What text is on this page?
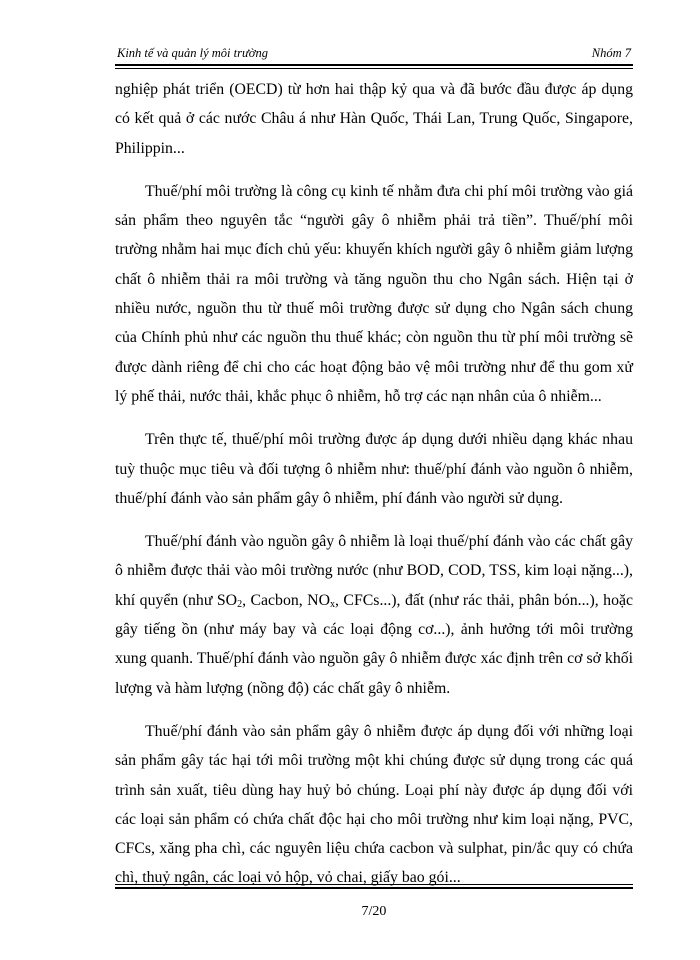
Kinh tế và quản lý môi trường	Nhóm 7

nghiệp phát triển (OECD) từ hơn hai thập kỷ qua và đã bước đầu được áp dụng có kết quả ở các nước Châu á như Hàn Quốc, Thái Lan, Trung Quốc, Singapore, Philippin...

Thuế/phí môi trường là công cụ kinh tế nhằm đưa chi phí môi trường vào giá sản phẩm theo nguyên tắc “người gây ô nhiễm phải trả tiền”. Thuế/phí môi trường nhằm hai mục đích chủ yếu: khuyến khích người gây ô nhiễm giảm lượng chất ô nhiễm thải ra môi trường và tăng nguồn thu cho Ngân sách. Hiện tại ở nhiều nước, nguồn thu từ thuế môi trường được sử dụng cho Ngân sách chung của Chính phủ như các nguồn thu thuế khác; còn nguồn thu từ phí môi trường sẽ được dành riêng để chi cho các hoạt động bảo vệ môi trường như để thu gom xử lý phế thải, nước thải, khắc phục ô nhiễm, hỗ trợ các nạn nhân của ô nhiễm...

Trên thực tế, thuế/phí môi trường được áp dụng dưới nhiều dạng khác nhau tuỳ thuộc mục tiêu và đối tượng ô nhiễm như: thuế/phí đánh vào nguồn ô nhiễm, thuế/phí đánh vào sản phẩm gây ô nhiễm, phí đánh vào người sử dụng.

Thuế/phí đánh vào nguồn gây ô nhiễm là loại thuế/phí đánh vào các chất gây ô nhiễm được thải vào môi trường nước (như BOD, COD, TSS, kim loại nặng...), khí quyển (như $SO_2$, Cacbon, $NO_x$, CFCs...), đất (như rác thải, phân bón...), hoặc gây tiếng ồn (như máy bay và các loại động cơ...), ảnh hưởng tới môi trường xung quanh. Thuế/phí đánh vào nguồn gây ô nhiễm được xác định trên cơ sở khối lượng và hàm lượng (nồng độ) các chất gây ô nhiễm.

Thuế/phí đánh vào sản phẩm gây ô nhiễm được áp dụng đối với những loại sản phẩm gây tác hại tới môi trường một khi chúng được sử dụng trong các quá trình sản xuất, tiêu dùng hay huỷ bỏ chúng. Loại phí này được áp dụng đối với các loại sản phẩm có chứa chất độc hại cho môi trường như kim loại nặng, PVC, CFCs, xăng pha chì, các nguyên liệu chứa cacbon và sulphat, pin/ắc quy có chứa chì, thuỷ ngân, các loại vỏ hộp, vỏ chai, giấy bao gói...

7/20
